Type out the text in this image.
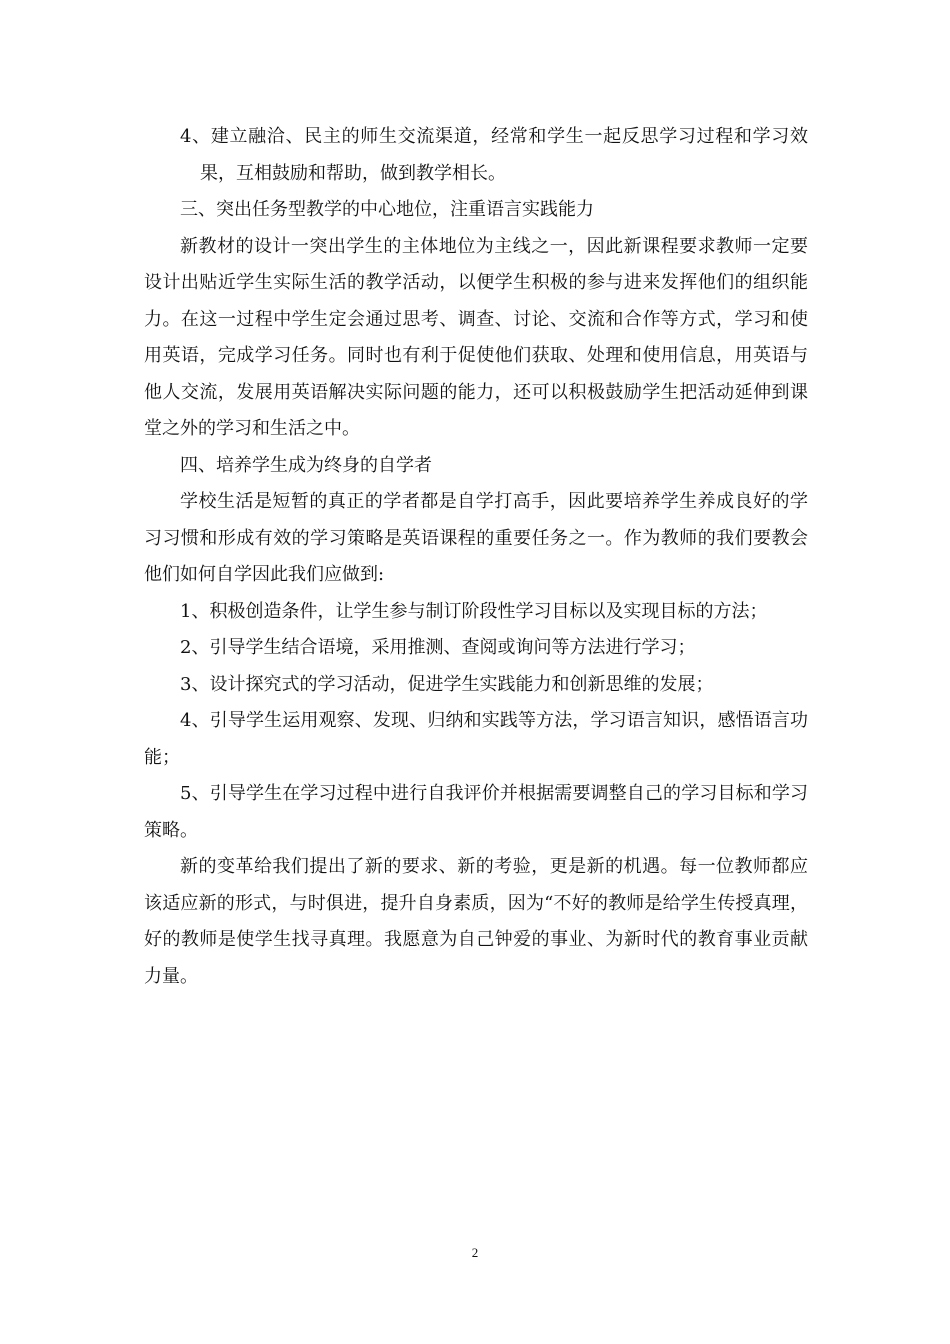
4、建立融洽、民主的师生交流渠道，经常和学生一起反思学习过程和学习效果，互相鼓励和帮助，做到教学相长。

三、突出任务型教学的中心地位，注重语言实践能力

新教材的设计一突出学生的主体地位为主线之一，因此新课程要求教师一定要设计出贴近学生实际生活的教学活动，以便学生积极的参与进来发挥他们的组织能力。在这一过程中学生定会通过思考、调查、讨论、交流和合作等方式，学习和使用英语，完成学习任务。同时也有利于促使他们获取、处理和使用信息，用英语与他人交流，发展用英语解决实际问题的能力，还可以积极鼓励学生把活动延伸到课堂之外的学习和生活之中。

四、培养学生成为终身的自学者

学校生活是短暂的真正的学者都是自学打高手，因此要培养学生养成良好的学习习惯和形成有效的学习策略是英语课程的重要任务之一。作为教师的我们要教会他们如何自学因此我们应做到:

1、积极创造条件，让学生参与制订阶段性学习目标以及实现目标的方法；

2、引导学生结合语境，采用推测、查阅或询问等方法进行学习；

3、设计探究式的学习活动，促进学生实践能力和创新思维的发展；

4、引导学生运用观察、发现、归纳和实践等方法，学习语言知识，感悟语言功能；

5、引导学生在学习过程中进行自我评价并根据需要调整自己的学习目标和学习策略。

新的变革给我们提出了新的要求、新的考验，更是新的机遇。每一位教师都应该适应新的形式，与时俱进，提升自身素质，因为“不好的教师是给学生传授真理，好的教师是使学生找寻真理。我愿意为自己钟爱的事业、为新时代的教育事业贡献力量。

2
